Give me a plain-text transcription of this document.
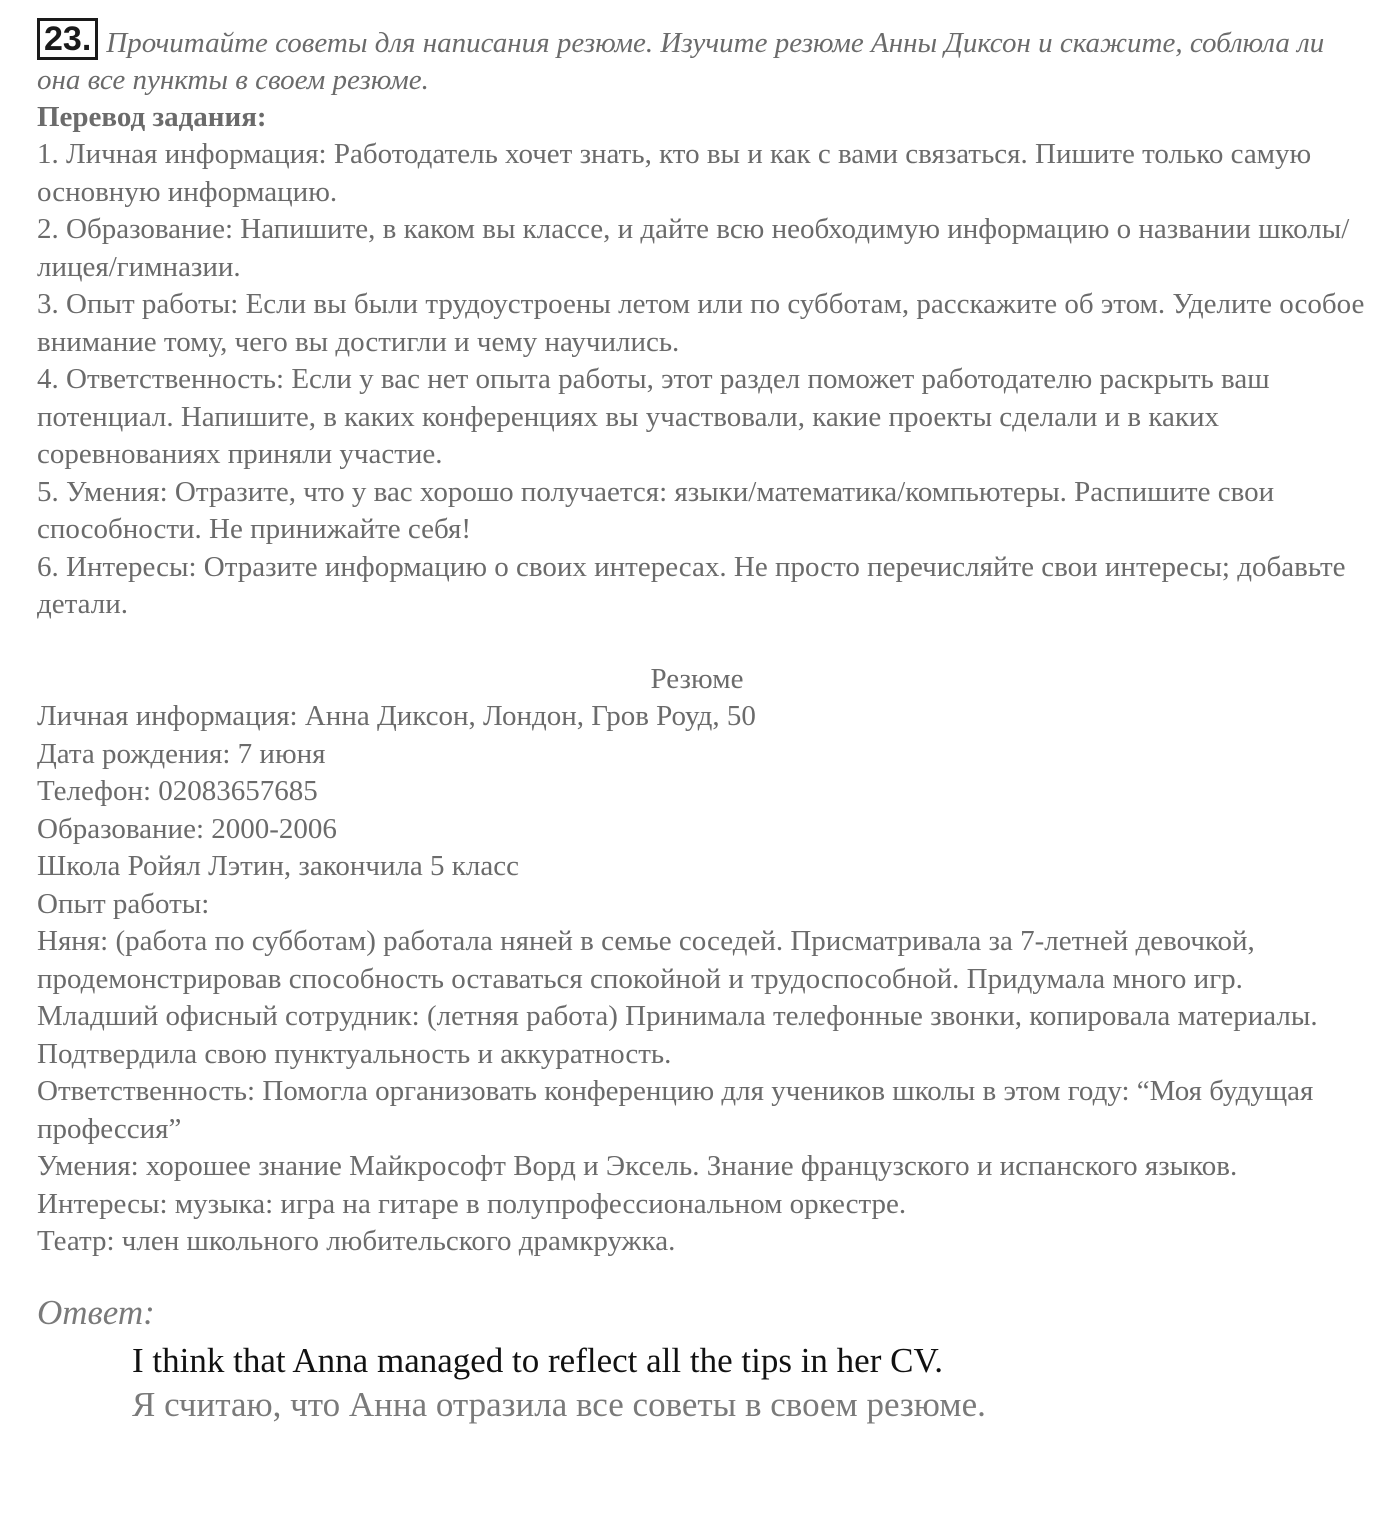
23. Прочитайте советы для написания резюме. Изучите резюме Анны Диксон и скажите, соблюла ли она все пункты в своем резюме.
Перевод задания:

1. Личная информация: Работодатель хочет знать, кто вы и как с вами связаться. Пишите только самую основную информацию.

2. Образование: Напишите, в каком вы классе, и дайте всю необходимую информацию о названии школы/лицея/гимназии.

3. Опыт работы: Если вы были трудоустроены летом или по субботам, расскажите об этом. Уделите особое внимание тому, чего вы достигли и чему научились.

4. Ответственность: Если у вас нет опыта работы, этот раздел поможет работодателю раскрыть ваш потенциал. Напишите, в каких конференциях вы участвовали, какие проекты сделали и в каких соревнованиях приняли участие.

5. Умения: Отразите, что у вас хорошо получается: языки/математика/компьютеры. Распишите свои способности. Не принижайте себя!

6. Интересы: Отразите информацию о своих интересах. Не просто перечисляйте свои интересы; добавьте детали.

Резюме

Личная информация: Анна Диксон, Лондон, Гров Роуд, 50

Дата рождения: 7 июня

Телефон: 02083657685

Образование: 2000-2006

Школа Ройял Лэтин, закончила 5 класс

Опыт работы:

Няня: (работа по субботам) работала няней в семье соседей. Присматривала за 7-летней девочкой, продемонстрировав способность оставаться спокойной и трудоспособной. Придумала много игр.

Младший офисный сотрудник: (летняя работа) Принимала телефонные звонки, копировала материалы. Подтвердила свою пунктуальность и аккуратность.

Ответственность: Помогла организовать конференцию для учеников школы в этом году: “Моя будущая профессия”

Умения: хорошее знание Майкрософт Ворд и Эксель. Знание французского и испанского языков.

Интересы: музыка: игра на гитаре в полупрофессиональном оркестре.

Театр: член школьного любительского драмкружка.

Ответ:
I think that Anna managed to reflect all the tips in her CV.
Я считаю, что Анна отразила все советы в своем резюме.
